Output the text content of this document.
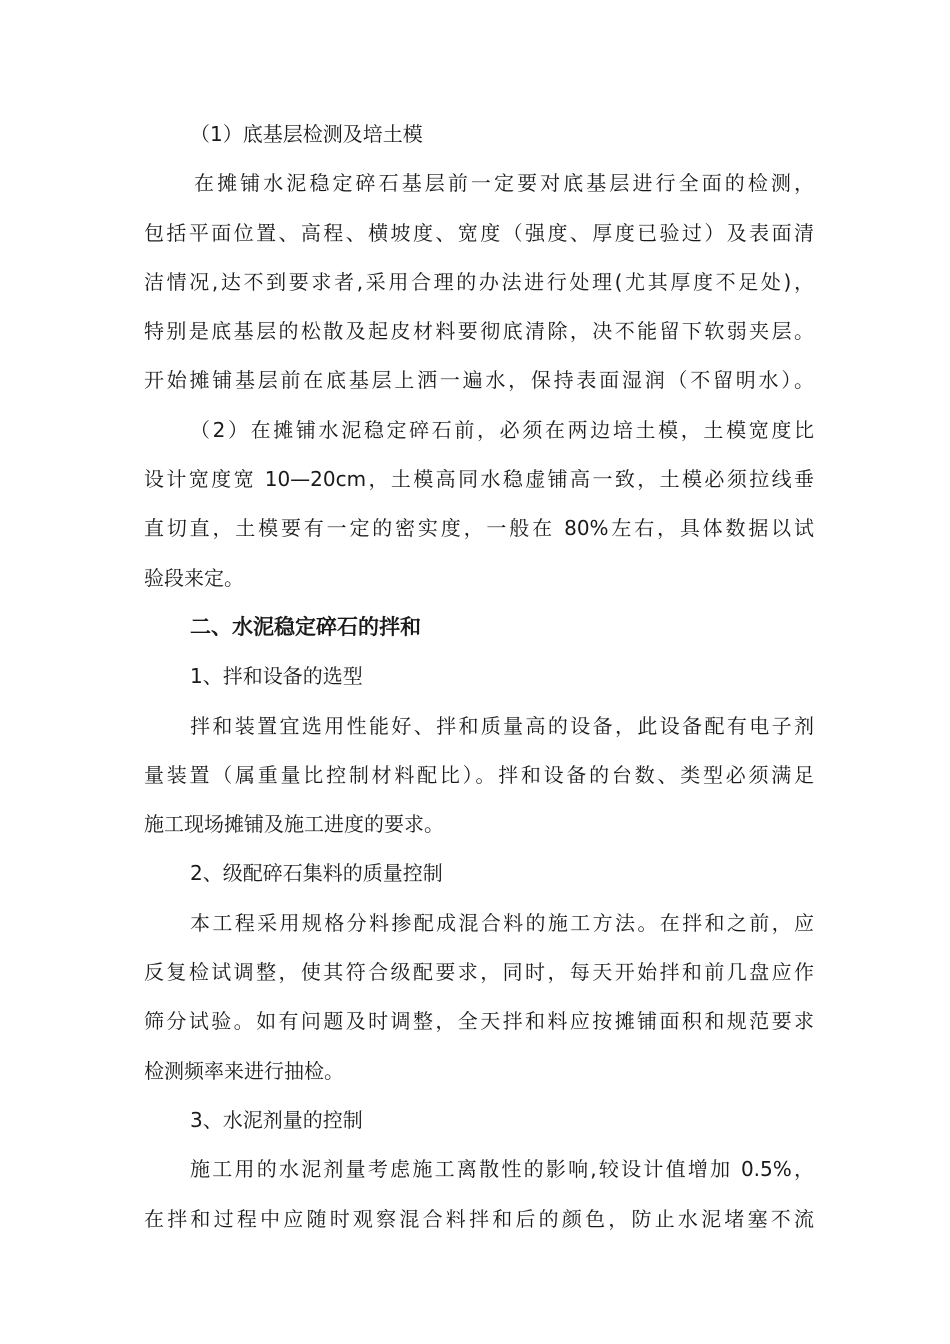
（1）底基层检测及培土模
在摊铺水泥稳定碎石基层前一定要对底基层进行全面的检测，
包括平面位置、高程、横坡度、宽度（强度、厚度已验过）及表面清
洁情况,达不到要求者,采用合理的办法进行处理(尤其厚度不足处)，
特别是底基层的松散及起皮材料要彻底清除，决不能留下软弱夹层。
开始摊铺基层前在底基层上洒一遍水，保持表面湿润（不留明水）。
（2）在摊铺水泥稳定碎石前，必须在两边培土模，土模宽度比
设计宽度宽 10—20cm，土模高同水稳虚铺高一致，土模必须拉线垂
直切直，土模要有一定的密实度，一般在 80%左右，具体数据以试
验段来定。
二、水泥稳定碎石的拌和
1、拌和设备的选型
拌和装置宜选用性能好、拌和质量高的设备，此设备配有电子剂
量装置（属重量比控制材料配比）。拌和设备的台数、类型必须满足
施工现场摊铺及施工进度的要求。
2、级配碎石集料的质量控制
本工程采用规格分料掺配成混合料的施工方法。在拌和之前，应
反复检试调整，使其符合级配要求，同时，每天开始拌和前几盘应作
筛分试验。如有问题及时调整，全天拌和料应按摊铺面积和规范要求
检测频率来进行抽检。
3、水泥剂量的控制
施工用的水泥剂量考虑施工离散性的影响,较设计值增加 0.5%，
在拌和过程中应随时观察混合料拌和后的颜色，防止水泥堵塞不流
